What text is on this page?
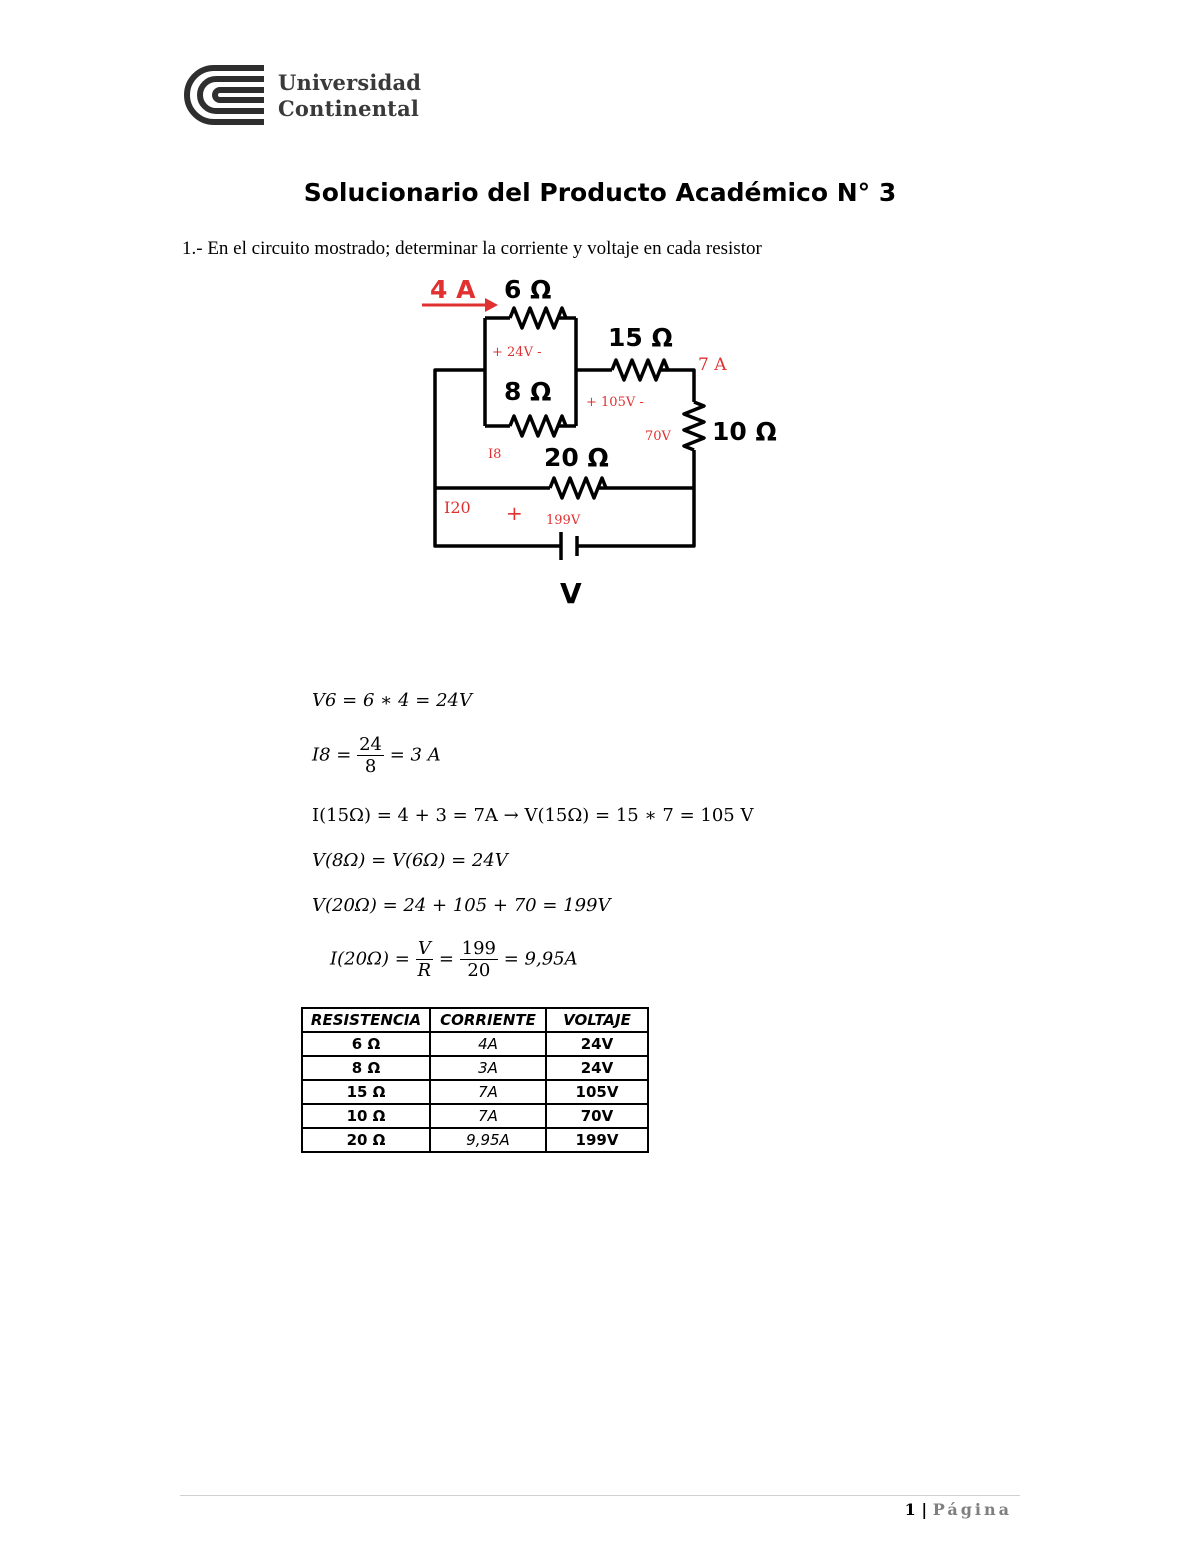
Universidad
Continental
Solucionario del Producto Académico N° 3
1.- En el circuito mostrado; determinar la corriente y voltaje en cada resistor
4 A 6 Ω
15 Ω
8 Ω
10 Ω
20 Ω
V
+ 24V -
7 A
+ 105V -
70V
I8
I20 + 199V
V6 = 6 ∗ 4 = 24V
$I8 = \frac{24}{8} = 3$ A
I(15Ω) = 4 + 3 = 7A → V(15Ω) = 15 ∗ 7 = 105 V
V(8Ω) = V(6Ω) = 24V
V(20Ω) = 24 + 105 + 70 = 199V
$I(20\Omega) = \frac{V}{R} = \frac{199}{20} = 9,95A$
RESISTENCIA	CORRIENTE	VOLTAJE
6 Ω	4A	24V
8 Ω	3A	24V
15 Ω	7A	105V
10 Ω	7A	70V
20 Ω	9,95A	199V
1 | Página
